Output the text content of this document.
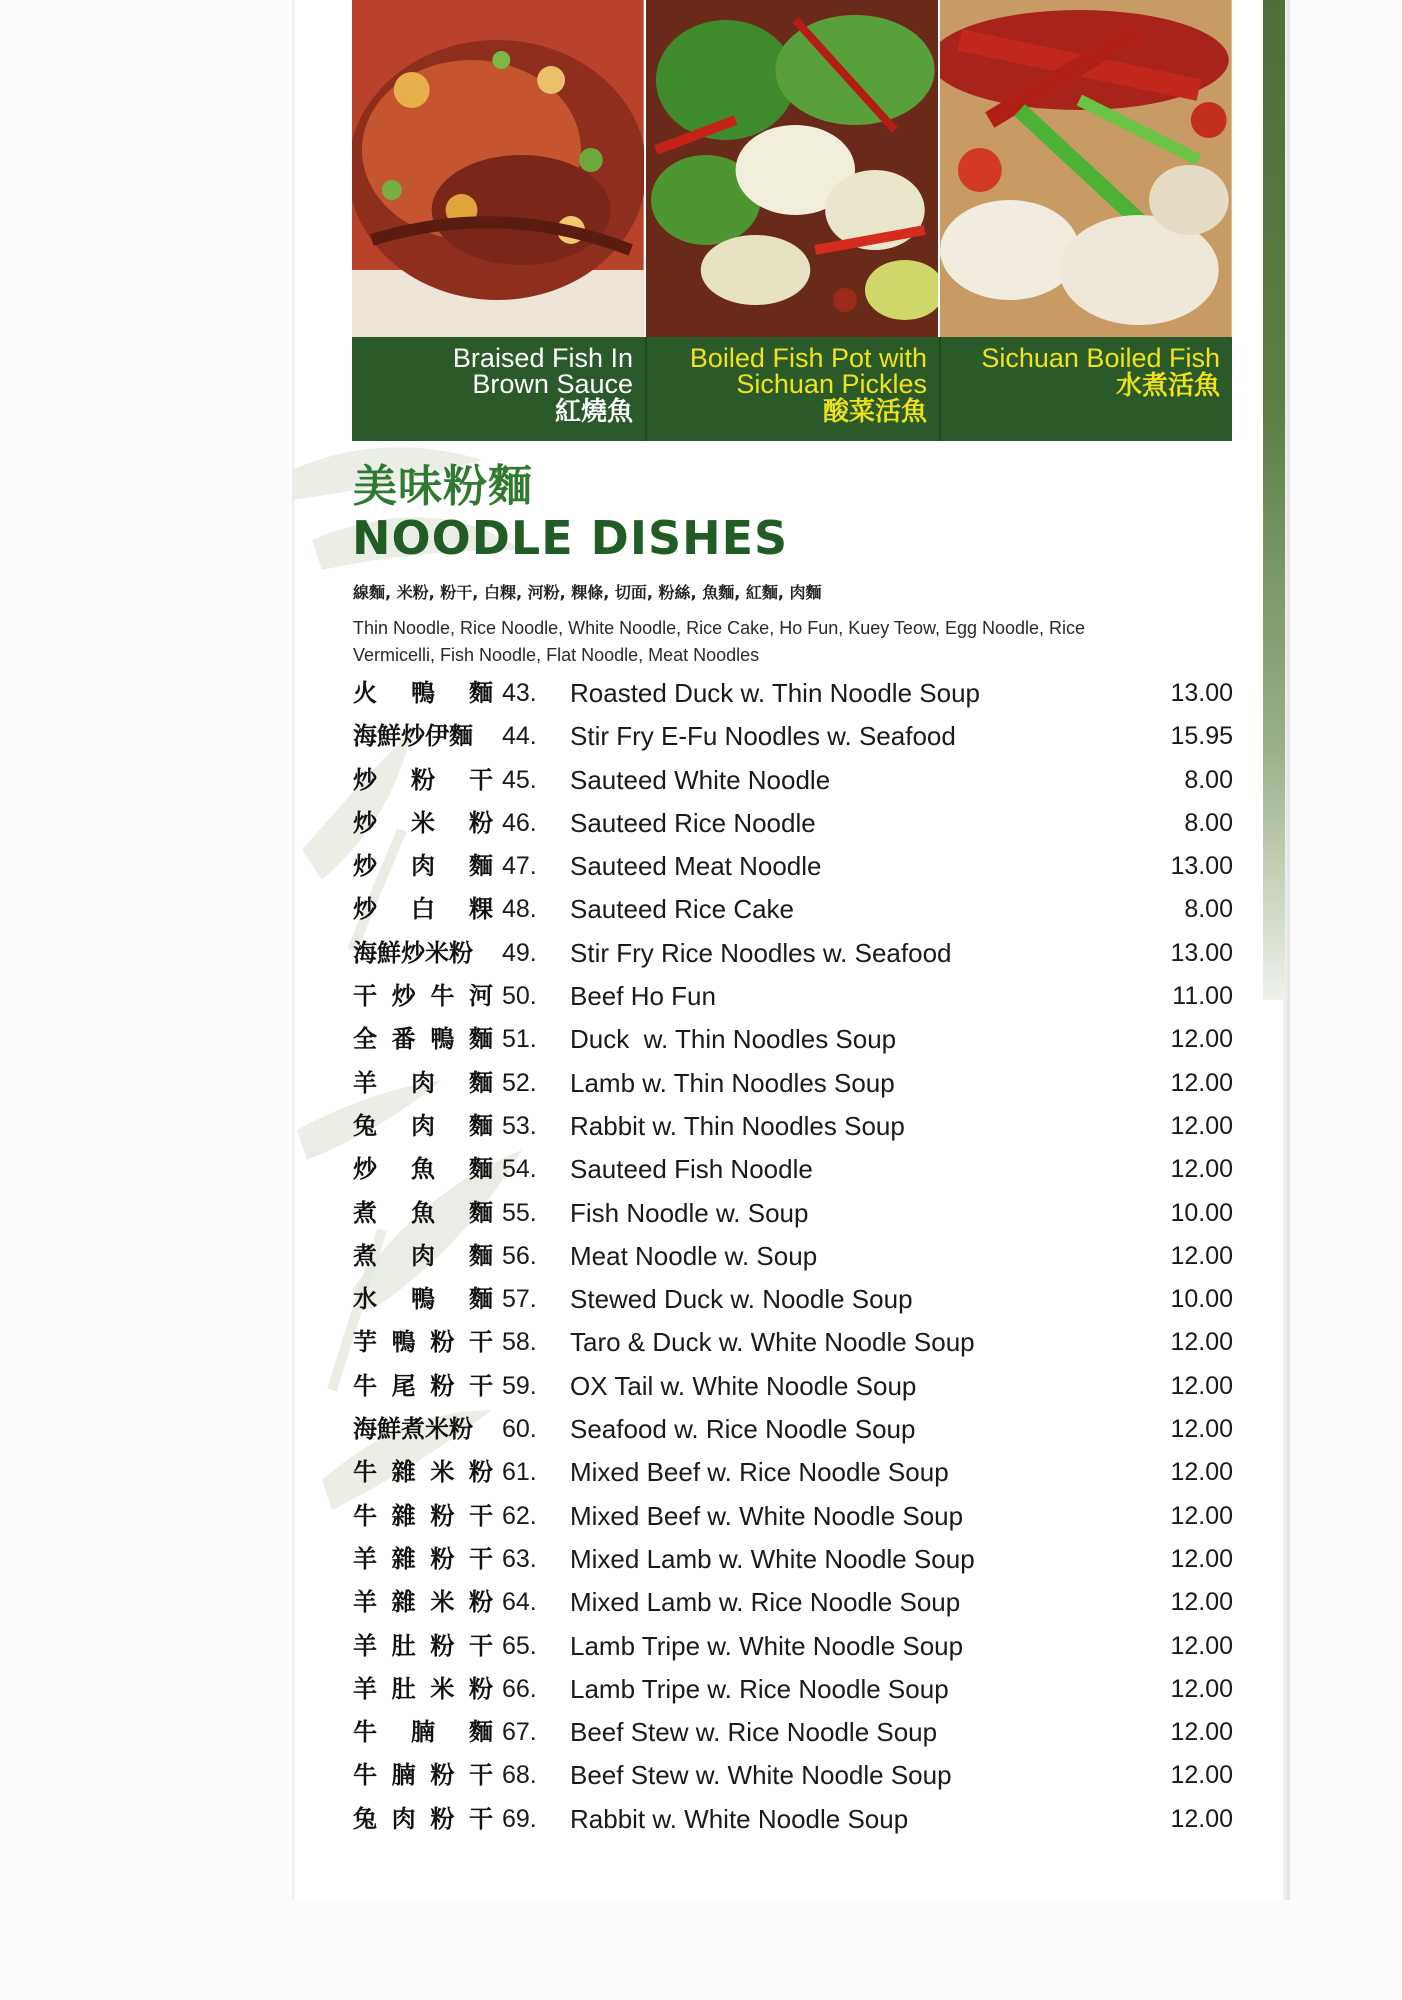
Braised Fish In
Brown Sauce
紅燒魚
Boiled Fish Pot with
Sichuan Pickles
酸菜活魚
Sichuan Boiled Fish
水煮活魚
美味粉麵
NOODLE DISHES
線麵, 米粉, 粉干, 白粿, 河粉, 粿條, 切面, 粉絲, 魚麵, 紅麵, 肉麵
Thin Noodle, Rice Noodle, White Noodle, Rice Cake, Ho Fun, Kuey Teow, Egg Noodle, Rice Vermicelli, Fish Noodle, Flat Noodle, Meat Noodles
火 鴨 麵 43. Roasted Duck w. Thin Noodle Soup	13.00
海鮮炒伊麵 44. Stir Fry E-Fu Noodles w. Seafood	15.95
炒 粉 干 45. Sauteed White Noodle	8.00
炒 米 粉 46. Sauteed Rice Noodle	8.00
炒 肉 麵 47. Sauteed Meat Noodle	13.00
炒 白 粿 48. Sauteed Rice Cake	8.00
海鮮炒米粉 49. Stir Fry Rice Noodles w. Seafood	13.00
干 炒 牛 河 50. Beef Ho Fun	11.00
全 番 鴨 麵 51. Duck  w. Thin Noodles Soup	12.00
羊 肉 麵 52. Lamb w. Thin Noodles Soup	12.00
兔 肉 麵 53. Rabbit w. Thin Noodles Soup	12.00
炒 魚 麵 54. Sauteed Fish Noodle	12.00
煮 魚 麵 55. Fish Noodle w. Soup	10.00
煮 肉 麵 56. Meat Noodle w. Soup	12.00
水 鴨 麵 57. Stewed Duck w. Noodle Soup	10.00
芋 鴨 粉 干 58. Taro & Duck w. White Noodle Soup	12.00
牛 尾 粉 干 59. OX Tail w. White Noodle Soup	12.00
海鮮煮米粉 60. Seafood w. Rice Noodle Soup	12.00
牛 雜 米 粉 61. Mixed Beef w. Rice Noodle Soup	12.00
牛 雜 粉 干 62. Mixed Beef w. White Noodle Soup	12.00
羊 雜 粉 干 63. Mixed Lamb w. White Noodle Soup	12.00
羊 雜 米 粉 64. Mixed Lamb w. Rice Noodle Soup	12.00
羊 肚 粉 干 65. Lamb Tripe w. White Noodle Soup	12.00
羊 肚 米 粉 66. Lamb Tripe w. Rice Noodle Soup	12.00
牛 腩 麵 67. Beef Stew w. Rice Noodle Soup	12.00
牛 腩 粉 干 68. Beef Stew w. White Noodle Soup	12.00
兔 肉 粉 干 69. Rabbit w. White Noodle Soup	12.00
